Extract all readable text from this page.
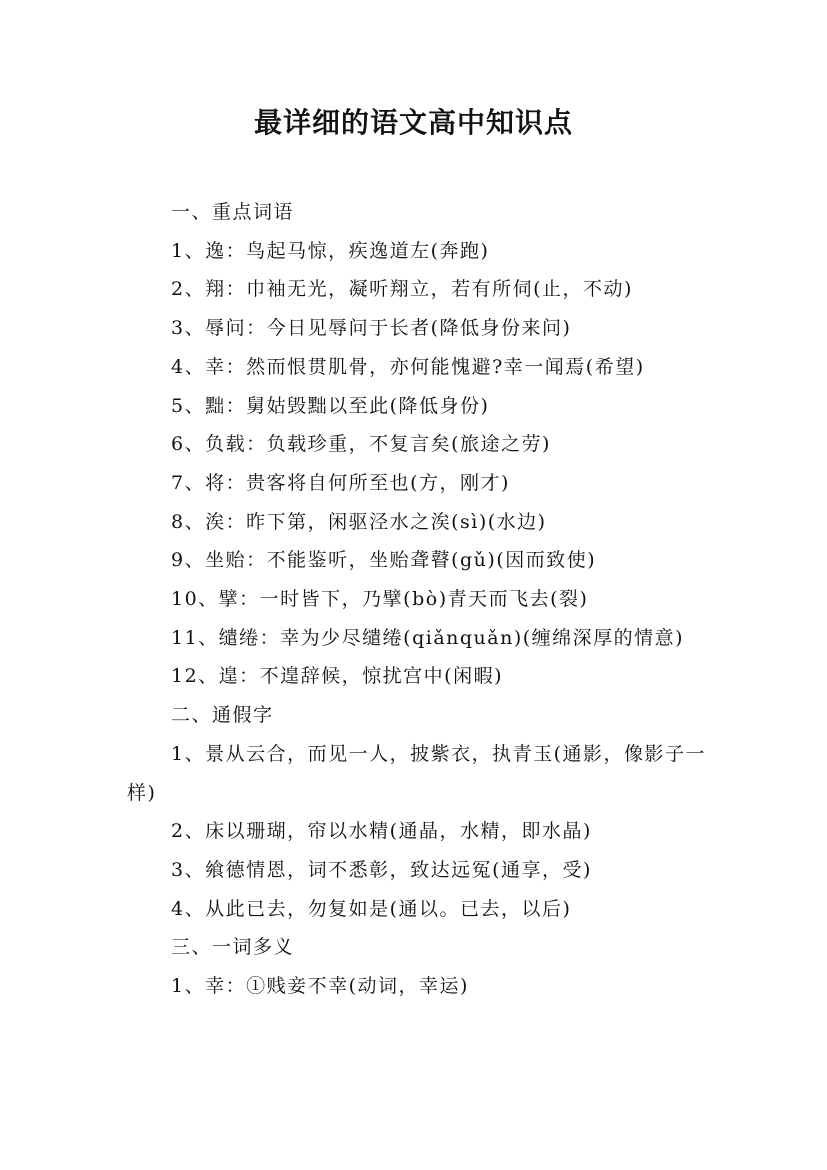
最详细的语文高中知识点

一、重点词语

1、逸：鸟起马惊，疾逸道左(奔跑)

2、翔：巾袖无光，凝听翔立，若有所伺(止，不动)

3、辱问：今日见辱问于长者(降低身份来问)

4、幸：然而恨贯肌骨，亦何能愧避?幸一闻焉(希望)

5、黜：舅姑毁黜以至此(降低身份)

6、负载：负载珍重，不复言矣(旅途之劳)

7、将：贵客将自何所至也(方，刚才)

8、涘：昨下第，闲驱泾水之涘(sì)(水边)

9、坐贻：不能鉴听，坐贻聋瞽(gǔ)(因而致使)

10、擘：一时皆下，乃擘(bò)青天而飞去(裂)

11、缱绻：幸为少尽缱绻(qiǎnquǎn)(缠绵深厚的情意)

12、遑：不遑辞候，惊扰宫中(闲暇)

二、通假字

1、景从云合，而见一人，披紫衣，执青玉(通影，像影子一样)

2、床以珊瑚，帘以水精(通晶，水精，即水晶)

3、飨德情恩，词不悉彰，致达远冤(通享，受)

4、从此已去，勿复如是(通以。已去，以后)

三、一词多义

1、幸：①贱妾不幸(动词，幸运)
